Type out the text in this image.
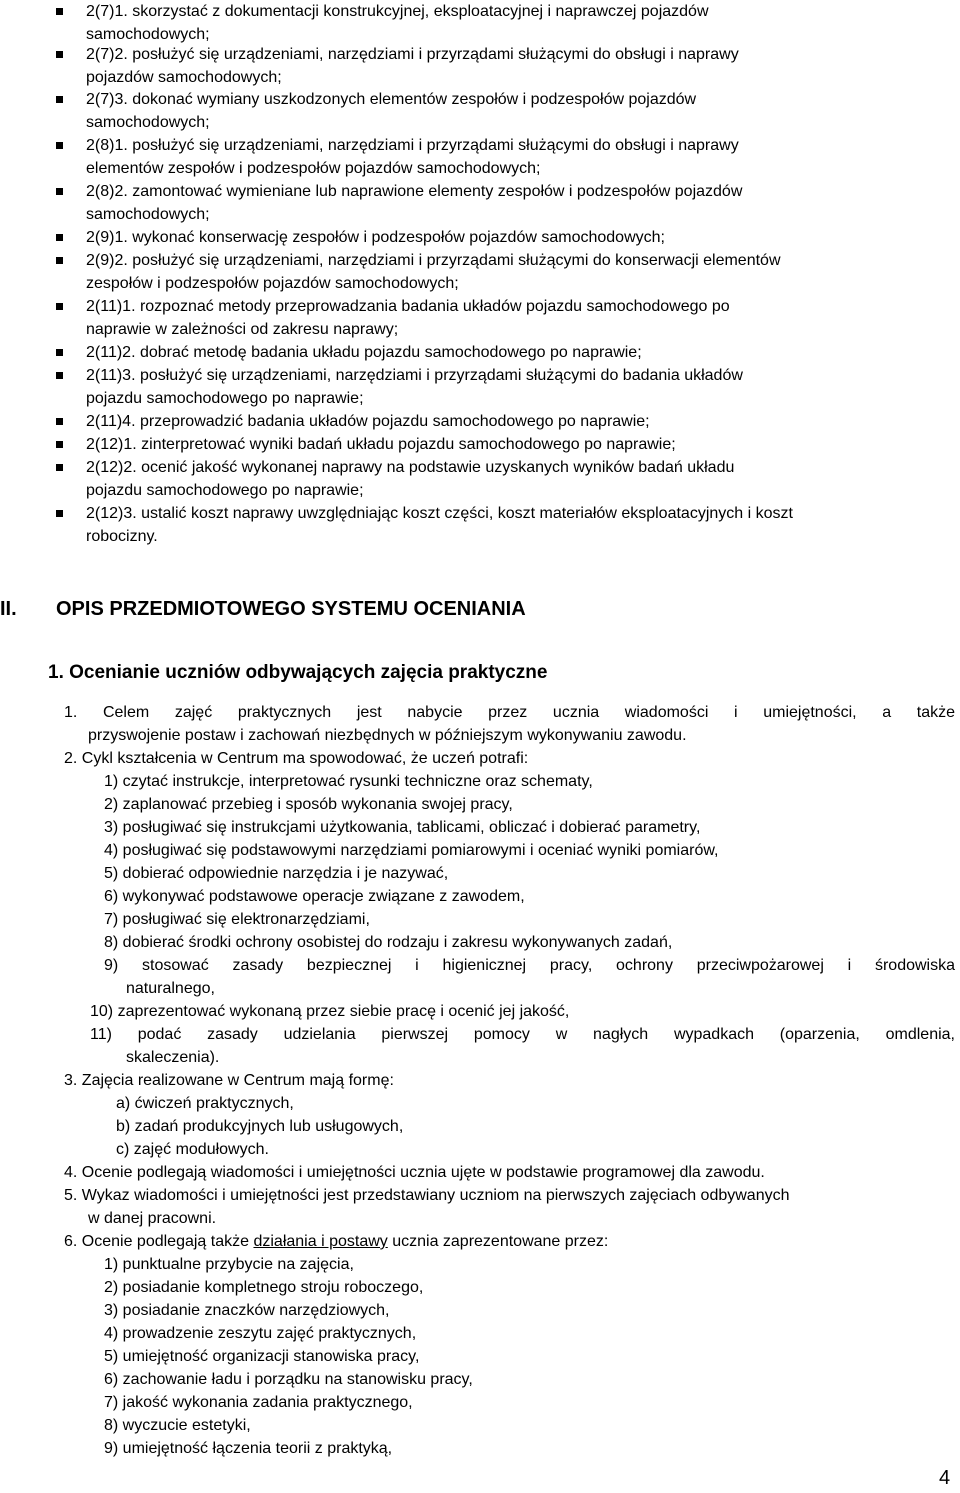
2(7)1. skorzystać z dokumentacji konstrukcyjnej, eksploatacyjnej i naprawczej pojazdów
samochodowych;
2(7)2. posłużyć się urządzeniami, narzędziami i przyrządami służącymi do obsługi i naprawy
pojazdów samochodowych;
2(7)3. dokonać wymiany uszkodzonych elementów zespołów i podzespołów pojazdów
samochodowych;
2(8)1. posłużyć się urządzeniami, narzędziami i przyrządami służącymi do obsługi i naprawy
elementów zespołów i podzespołów pojazdów samochodowych;
2(8)2. zamontować wymieniane lub naprawione elementy zespołów i podzespołów pojazdów
samochodowych;
2(9)1. wykonać konserwację zespołów i podzespołów pojazdów samochodowych;
2(9)2. posłużyć się urządzeniami, narzędziami i przyrządami służącymi do konserwacji elementów
zespołów i podzespołów pojazdów samochodowych;
2(11)1. rozpoznać metody przeprowadzania badania układów pojazdu samochodowego po
naprawie w zależności od zakresu naprawy;
2(11)2. dobrać metodę badania układu pojazdu samochodowego po naprawie;
2(11)3. posłużyć się urządzeniami, narzędziami i przyrządami służącymi do badania układów
pojazdu samochodowego po naprawie;
2(11)4. przeprowadzić badania układów pojazdu samochodowego po naprawie;
2(12)1. zinterpretować wyniki badań układu pojazdu samochodowego po naprawie;
2(12)2. ocenić jakość wykonanej naprawy na podstawie uzyskanych wyników badań układu
pojazdu samochodowego po naprawie;
2(12)3. ustalić koszt naprawy uwzględniając koszt części, koszt materiałów eksploatacyjnych i koszt
robocizny.
II. OPIS PRZEDMIOTOWEGO SYSTEMU OCENIANIA
1. Ocenianie uczniów odbywających zajęcia praktyczne
1. Celem zajęć praktycznych jest nabycie przez ucznia wiadomości i umiejętności, a także
przyswojenie postaw i zachowań niezbędnych w późniejszym wykonywaniu zawodu.
2. Cykl kształcenia w Centrum ma spowodować, że uczeń potrafi:
1) czytać instrukcje, interpretować rysunki techniczne oraz schematy,
2) zaplanować przebieg i sposób wykonania swojej pracy,
3) posługiwać się instrukcjami użytkowania, tablicami, obliczać i dobierać parametry,
4) posługiwać się podstawowymi narzędziami pomiarowymi i oceniać wyniki pomiarów,
5) dobierać odpowiednie narzędzia i je nazywać,
6) wykonywać podstawowe operacje związane z zawodem,
7) posługiwać się elektronarzędziami,
8) dobierać środki ochrony osobistej do rodzaju i zakresu wykonywanych zadań,
9) stosować zasady bezpiecznej i higienicznej pracy, ochrony przeciwpożarowej i środowiska
naturalnego,
10) zaprezentować wykonaną przez siebie pracę i ocenić jej jakość,
11) podać zasady udzielania pierwszej pomocy w nagłych wypadkach (oparzenia, omdlenia,
skaleczenia).
3. Zajęcia realizowane w Centrum mają formę:
a) ćwiczeń praktycznych,
b) zadań produkcyjnych lub usługowych,
c) zajęć modułowych.
4. Ocenie podlegają wiadomości i umiejętności ucznia ujęte w podstawie programowej dla zawodu.
5. Wykaz wiadomości i umiejętności jest przedstawiany uczniom na pierwszych zajęciach odbywanych
w danej pracowni.
6. Ocenie podlegają także działania i postawy ucznia zaprezentowane przez:
1) punktualne przybycie na zajęcia,
2) posiadanie kompletnego stroju roboczego,
3) posiadanie znaczków narzędziowych,
4) prowadzenie zeszytu zajęć praktycznych,
5) umiejętność organizacji stanowiska pracy,
6) zachowanie ładu i porządku na stanowisku pracy,
7) jakość wykonania zadania praktycznego,
8) wyczucie estetyki,
9) umiejętność łączenia teorii z praktyką,
4
